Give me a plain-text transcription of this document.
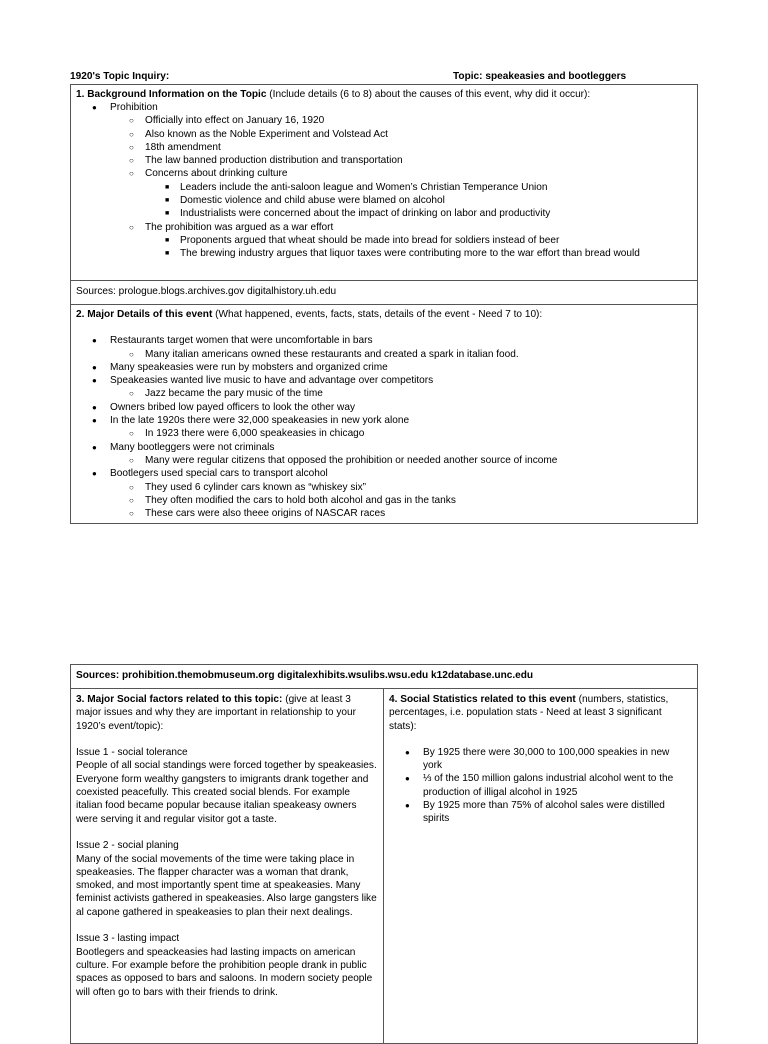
1920's Topic Inquiry:	Topic: speakeasies and bootleggers
1. Background Information on the Topic (Include details (6 to 8) about the causes of this event, why did it occur):
● Prohibition
○ Officially into effect on January 16, 1920
○ Also known as the Noble Experiment and Volstead Act
○ 18th amendment
○ The law banned production distribution and transportation
○ Concerns about drinking culture
■ Leaders include the anti-saloon league and Women’s Christian Temperance Union
■ Domestic violence and child abuse were blamed on alcohol
■ Industrialists were concerned about the impact of drinking on labor and productivity
○ The prohibition was argued as a war effort
■ Proponents argued that wheat should be made into bread for soldiers instead of beer
■ The brewing industry argues that liquor taxes were contributing more to the war effort than bread would
Sources: prologue.blogs.archives.gov digitalhistory.uh.edu
2. Major Details of this event (What happened, events, facts, stats, details of the event - Need 7 to 10):
● Restaurants target women that were uncomfortable in bars
○ Many italian americans owned these restaurants and created a spark in italian food.
● Many speakeasies were run by mobsters and organized crime
● Speakeasies wanted live music to have and advantage over competitors
○ Jazz became the pary music of the time
● Owners bribed low payed officers to look the other way
● In the late 1920s there were 32,000 speakeasies in new york alone
○ In 1923 there were 6,000 speakeasies in chicago
● Many bootleggers were not criminals
○ Many were regular citizens that opposed the prohibition or needed another source of income
● Bootlegers used special cars to transport alcohol
○ They used 6 cylinder cars known as “whiskey six”
○ They often modified the cars to hold both alcohol and gas in the tanks
○ These cars were also theee origins of NASCAR races
Sources: prohibition.themobmuseum.org digitalexhibits.wsulibs.wsu.edu k12database.unc.edu
3. Major Social factors related to this topic: (give at least 3 major issues and why they are important in relationship to your 1920’s event/topic):
Issue 1 - social tolerance
People of all social standings were forced together by speakeasies. Everyone form wealthy gangsters to imigrants drank together and coexisted peacefully. This created social blends. For example italian food became popular because italian speakeasy owners were serving it and regular visitor got a taste.
Issue 2 - social planing
Many of the social movements of the time were taking place in speakeasies. The flapper character was a woman that drank, smoked, and most importantly spent time at speakeasies. Many feminist activists gathered in speakeasies. Also large gangsters like al capone gathered in speakeasies to plan their next dealings.
Issue 3 - lasting impact
Bootlegers and speackeasies had lasting impacts on american culture. For example before the prohibition people drank in public spaces as opposed to bars and saloons. In modern society people will often go to bars with their friends to drink.
4. Social Statistics related to this event (numbers, statistics, percentages, i.e. population stats - Need at least 3 significant stats):
● By 1925 there were 30,000 to 100,000 speakies in new york
● ⅓ of the 150 million galons industrial alcohol went to the production of illigal alcohol in 1925
● By 1925 more than 75% of alcohol sales were distilled spirits
